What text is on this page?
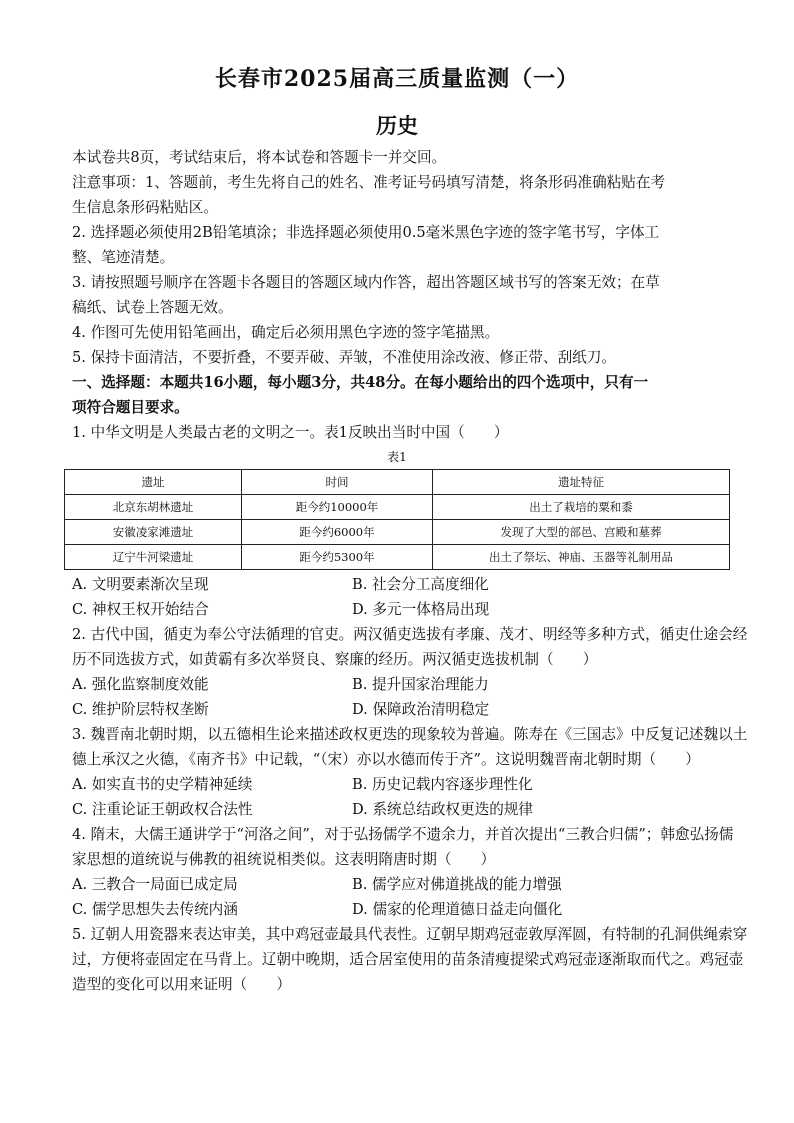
长春市2025届高三质量监测（一）
历史
本试卷共8页，考试结束后，将本试卷和答题卡一并交回。
注意事项：1、答题前，考生先将自己的姓名、准考证号码填写清楚，将条形码准确粘贴在考
生信息条形码粘贴区。
2. 选择题必须使用2B铅笔填涂；非选择题必须使用0.5毫米黑色字迹的签字笔书写，字体工
整、笔迹清楚。
3. 请按照题号顺序在答题卡各题目的答题区域内作答，超出答题区域书写的答案无效；在草
稿纸、试卷上答题无效。
4. 作图可先使用铅笔画出，确定后必须用黑色字迹的签字笔描黑。
5. 保持卡面清洁，不要折叠，不要弄破、弄皱，不准使用涂改液、修正带、刮纸刀。
一、选择题：本题共16小题，每小题3分，共48分。在每小题给出的四个选项中，只有一
项符合题目要求。
1. 中华文明是人类最古老的文明之一。表1反映出当时中国（　　）
表1
遗址	时间	遗址特征
北京东胡林遗址	距今约10000年	出土了栽培的粟和黍
安徽凌家滩遗址	距今约6000年	发现了大型的部邑、宫殿和墓葬
辽宁牛河梁遗址	距今约5300年	出土了祭坛、神庙、玉器等礼制用品
A. 文明要素渐次呈现	B. 社会分工高度细化
C. 神权王权开始结合	D. 多元一体格局出现
2. 古代中国，循吏为奉公守法循理的官吏。两汉循吏选拔有孝廉、茂才、明经等多种方式，循吏仕途会经
历不同选拔方式，如黄霸有多次举贤良、察廉的经历。两汉循吏选拔机制（　　）
A. 强化监察制度效能	B. 提升国家治理能力
C. 维护阶层特权垄断	D. 保障政治清明稳定
3. 魏晋南北朝时期，以五德相生论来描述政权更迭的现象较为普遍。陈寿在《三国志》中反复记述魏以土
德上承汉之火德，《南齐书》中记载，“（宋）亦以水德而传于齐”。这说明魏晋南北朝时期（　　）
A. 如实直书的史学精神延续	B. 历史记载内容逐步理性化
C. 注重论证王朝政权合法性	D. 系统总结政权更迭的规律
4. 隋末，大儒王通讲学于“河洛之间”，对于弘扬儒学不遗余力，并首次提出“三教合归儒”；韩愈弘扬儒
家思想的道统说与佛教的祖统说相类似。这表明隋唐时期（　　）
A. 三教合一局面已成定局	B. 儒学应对佛道挑战的能力增强
C. 儒学思想失去传统内涵	D. 儒家的伦理道德日益走向僵化
5. 辽朝人用瓷器来表达审美，其中鸡冠壶最具代表性。辽朝早期鸡冠壶敦厚浑圆，有特制的孔洞供绳索穿
过，方便将壶固定在马背上。辽朝中晚期，适合居室使用的苗条清瘦提梁式鸡冠壶逐渐取而代之。鸡冠壶
造型的变化可以用来证明（　　）
